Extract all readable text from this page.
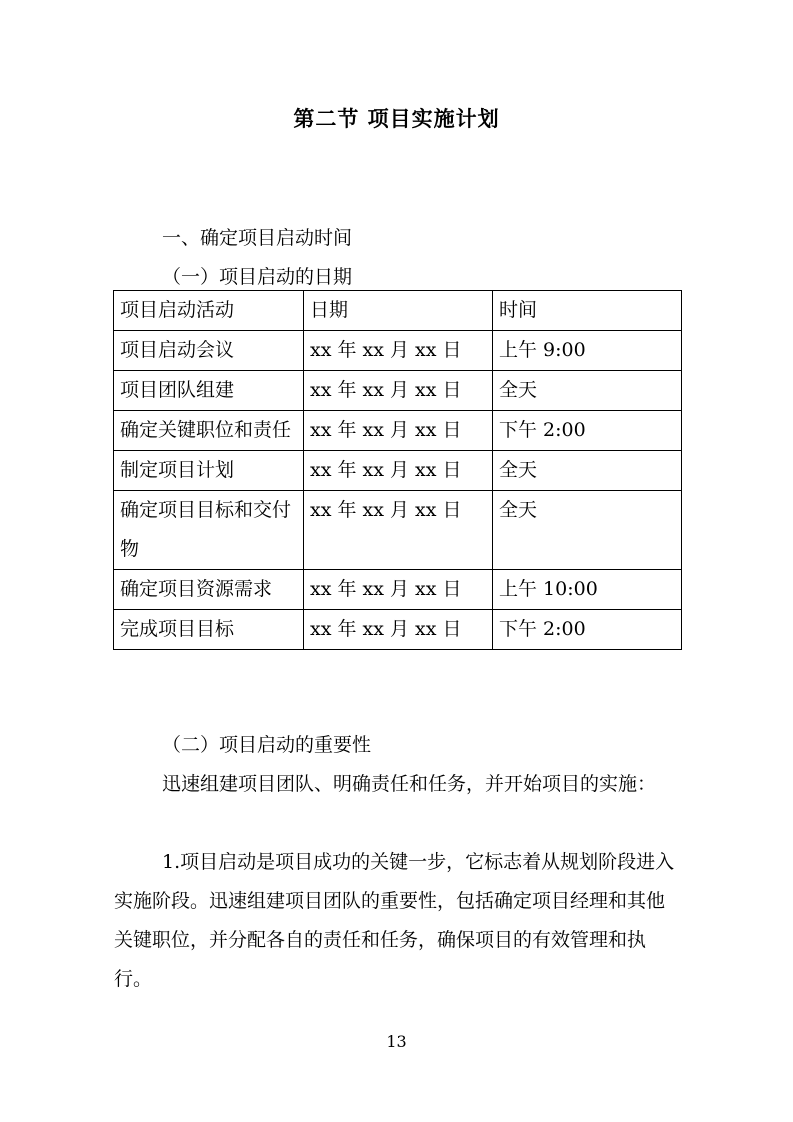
第二节 项目实施计划
一、确定项目启动时间
（一）项目启动的日期
项目启动活动	日期	时间
项目启动会议	xx 年 xx 月 xx 日	上午 9:00
项目团队组建	xx 年 xx 月 xx 日	全天
确定关键职位和责任	xx 年 xx 月 xx 日	下午 2:00
制定项目计划	xx 年 xx 月 xx 日	全天
确定项目目标和交付物	xx 年 xx 月 xx 日	全天
确定项目资源需求	xx 年 xx 月 xx 日	上午 10:00
完成项目目标	xx 年 xx 月 xx 日	下午 2:00
（二）项目启动的重要性
迅速组建项目团队、明确责任和任务，并开始项目的实施：
1.项目启动是项目成功的关键一步，它标志着从规划阶段进入实施阶段。迅速组建项目团队的重要性，包括确定项目经理和其他关键职位，并分配各自的责任和任务，确保项目的有效管理和执行。
13
